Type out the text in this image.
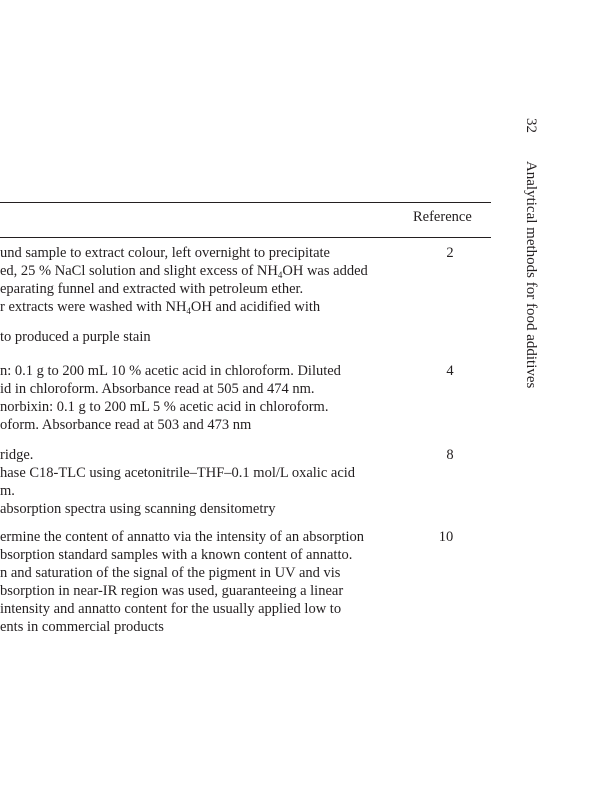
32 Analytical methods for food additives
Reference
und sample to extract colour, left overnight to precipitate
ed, 25 % NaCl solution and slight excess of $NH_4OH$ was added
eparating funnel and extracted with petroleum ether.
r extracts were washed with $NH_4OH$ and acidified with
to produced a purple stain
2
n: 0.1 g to 200 mL 10 % acetic acid in chloroform. Diluted
id in chloroform. Absorbance read at 505 and 474 nm.
norbixin: 0.1 g to 200 mL 5 % acetic acid in chloroform.
oform. Absorbance read at 503 and 473 nm
4
ridge.
hase C18-TLC using acetonitrile–THF–0.1 mol/L oxalic acid
m.
absorption spectra using scanning densitometry
8
ermine the content of annatto via the intensity of an absorption
bsorption standard samples with a known content of annatto.
n and saturation of the signal of the pigment in UV and vis
bsorption in near-IR region was used, guaranteeing a linear
intensity and annatto content for the usually applied low to
ents in commercial products
10
